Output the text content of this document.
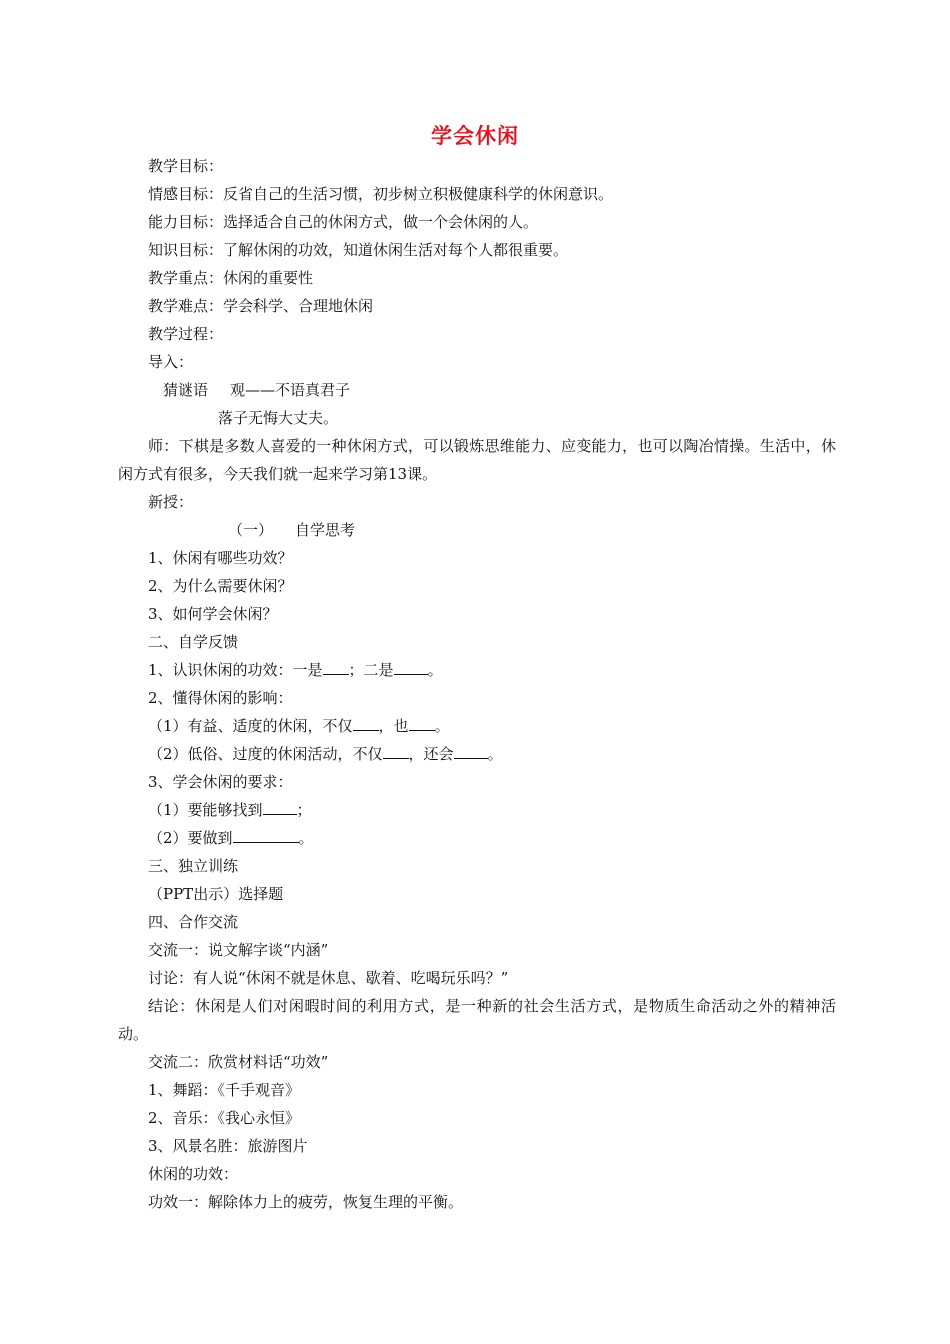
学会休闲

教学目标：

情感目标：反省自己的生活习惯，初步树立积极健康科学的休闲意识。

能力目标：选择适合自己的休闲方式，做一个会休闲的人。

知识目标：了解休闲的功效，知道休闲生活对每个人都很重要。

教学重点：休闲的重要性

教学难点：学会科学、合理地休闲

教学过程：

导入：

猜谜语 观——不语真君子

落子无悔大丈夫。

师：下棋是多数人喜爱的一种休闲方式，可以锻炼思维能力、应变能力，也可以陶冶情操。生活中，休闲方式有很多，今天我们就一起来学习第13课。

新授：

（一） 自学思考

1、休闲有哪些功效？

2、为什么需要休闲？

3、如何学会休闲？

二、自学反馈

1、认识休闲的功效：一是 ；二是 。

2、懂得休闲的影响：

（1）有益、适度的休闲，不仅 ，也 。

（2）低俗、过度的休闲活动，不仅 ，还会 。

3、学会休闲的要求：

（1）要能够找到 ；

（2）要做到	。

三、独立训练

（PPT出示）选择题

四、合作交流

交流一：说文解字谈“内涵”

讨论：有人说“休闲不就是休息、歇着、吃喝玩乐吗？”

结论：休闲是人们对闲暇时间的利用方式，是一种新的社会生活方式，是物质生命活动之外的精神活动。

交流二：欣赏材料话“功效”

1、舞蹈：《千手观音》

2、音乐：《我心永恒》

3、风景名胜：旅游图片

休闲的功效：

功效一：解除体力上的疲劳，恢复生理的平衡。
